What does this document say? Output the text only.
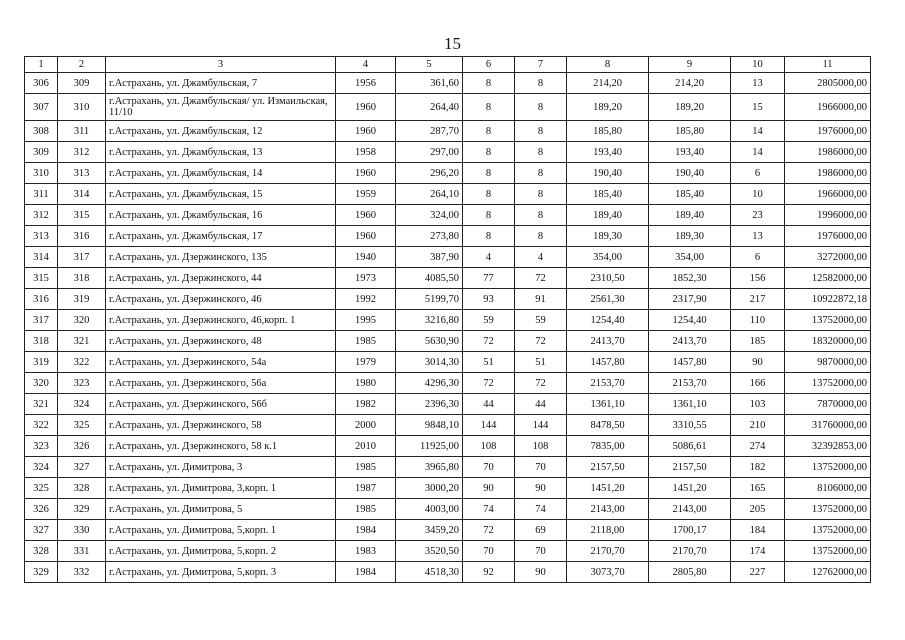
15
1	2	3	4	5	6	7	8	9	10	11
306	309	г.Астрахань, ул. Джамбульская, 7	1956	361,60	8	8	214,20	214,20	13	2805000,00
307	310	г.Астрахань, ул. Джамбульская/ ул. Измаильская, 11/10	1960	264,40	8	8	189,20	189,20	15	1966000,00
308	311	г.Астрахань, ул. Джамбульская, 12	1960	287,70	8	8	185,80	185,80	14	1976000,00
309	312	г.Астрахань, ул. Джамбульская, 13	1958	297,00	8	8	193,40	193,40	14	1986000,00
310	313	г.Астрахань, ул. Джамбульская, 14	1960	296,20	8	8	190,40	190,40	6	1986000,00
311	314	г.Астрахань, ул. Джамбульская, 15	1959	264,10	8	8	185,40	185,40	10	1966000,00
312	315	г.Астрахань, ул. Джамбульская, 16	1960	324,00	8	8	189,40	189,40	23	1996000,00
313	316	г.Астрахань, ул. Джамбульская, 17	1960	273,80	8	8	189,30	189,30	13	1976000,00
314	317	г.Астрахань, ул. Дзержинского, 135	1940	387,90	4	4	354,00	354,00	6	3272000,00
315	318	г.Астрахань, ул. Дзержинского, 44	1973	4085,50	77	72	2310,50	1852,30	156	12582000,00
316	319	г.Астрахань, ул. Дзержинского, 46	1992	5199,70	93	91	2561,30	2317,90	217	10922872,18
317	320	г.Астрахань, ул. Дзержинского, 46,корп. 1	1995	3216,80	59	59	1254,40	1254,40	110	13752000,00
318	321	г.Астрахань, ул. Дзержинского, 48	1985	5630,90	72	72	2413,70	2413,70	185	18320000,00
319	322	г.Астрахань, ул. Дзержинского, 54а	1979	3014,30	51	51	1457,80	1457,80	90	9870000,00
320	323	г.Астрахань, ул. Дзержинского, 56а	1980	4296,30	72	72	2153,70	2153,70	166	13752000,00
321	324	г.Астрахань, ул. Дзержинского, 56б	1982	2396,30	44	44	1361,10	1361,10	103	7870000,00
322	325	г.Астрахань, ул. Дзержинского, 58	2000	9848,10	144	144	8478,50	3310,55	210	31760000,00
323	326	г.Астрахань, ул. Дзержинского, 58 к.1	2010	11925,00	108	108	7835,00	5086,61	274	32392853,00
324	327	г.Астрахань, ул. Димитрова, 3	1985	3965,80	70	70	2157,50	2157,50	182	13752000,00
325	328	г.Астрахань, ул. Димитрова, 3,корп. 1	1987	3000,20	90	90	1451,20	1451,20	165	8106000,00
326	329	г.Астрахань, ул. Димитрова, 5	1985	4003,00	74	74	2143,00	2143,00	205	13752000,00
327	330	г.Астрахань, ул. Димитрова, 5,корп. 1	1984	3459,20	72	69	2118,00	1700,17	184	13752000,00
328	331	г.Астрахань, ул. Димитрова, 5,корп. 2	1983	3520,50	70	70	2170,70	2170,70	174	13752000,00
329	332	г.Астрахань, ул. Димитрова, 5,корп. 3	1984	4518,30	92	90	3073,70	2805,80	227	12762000,00
